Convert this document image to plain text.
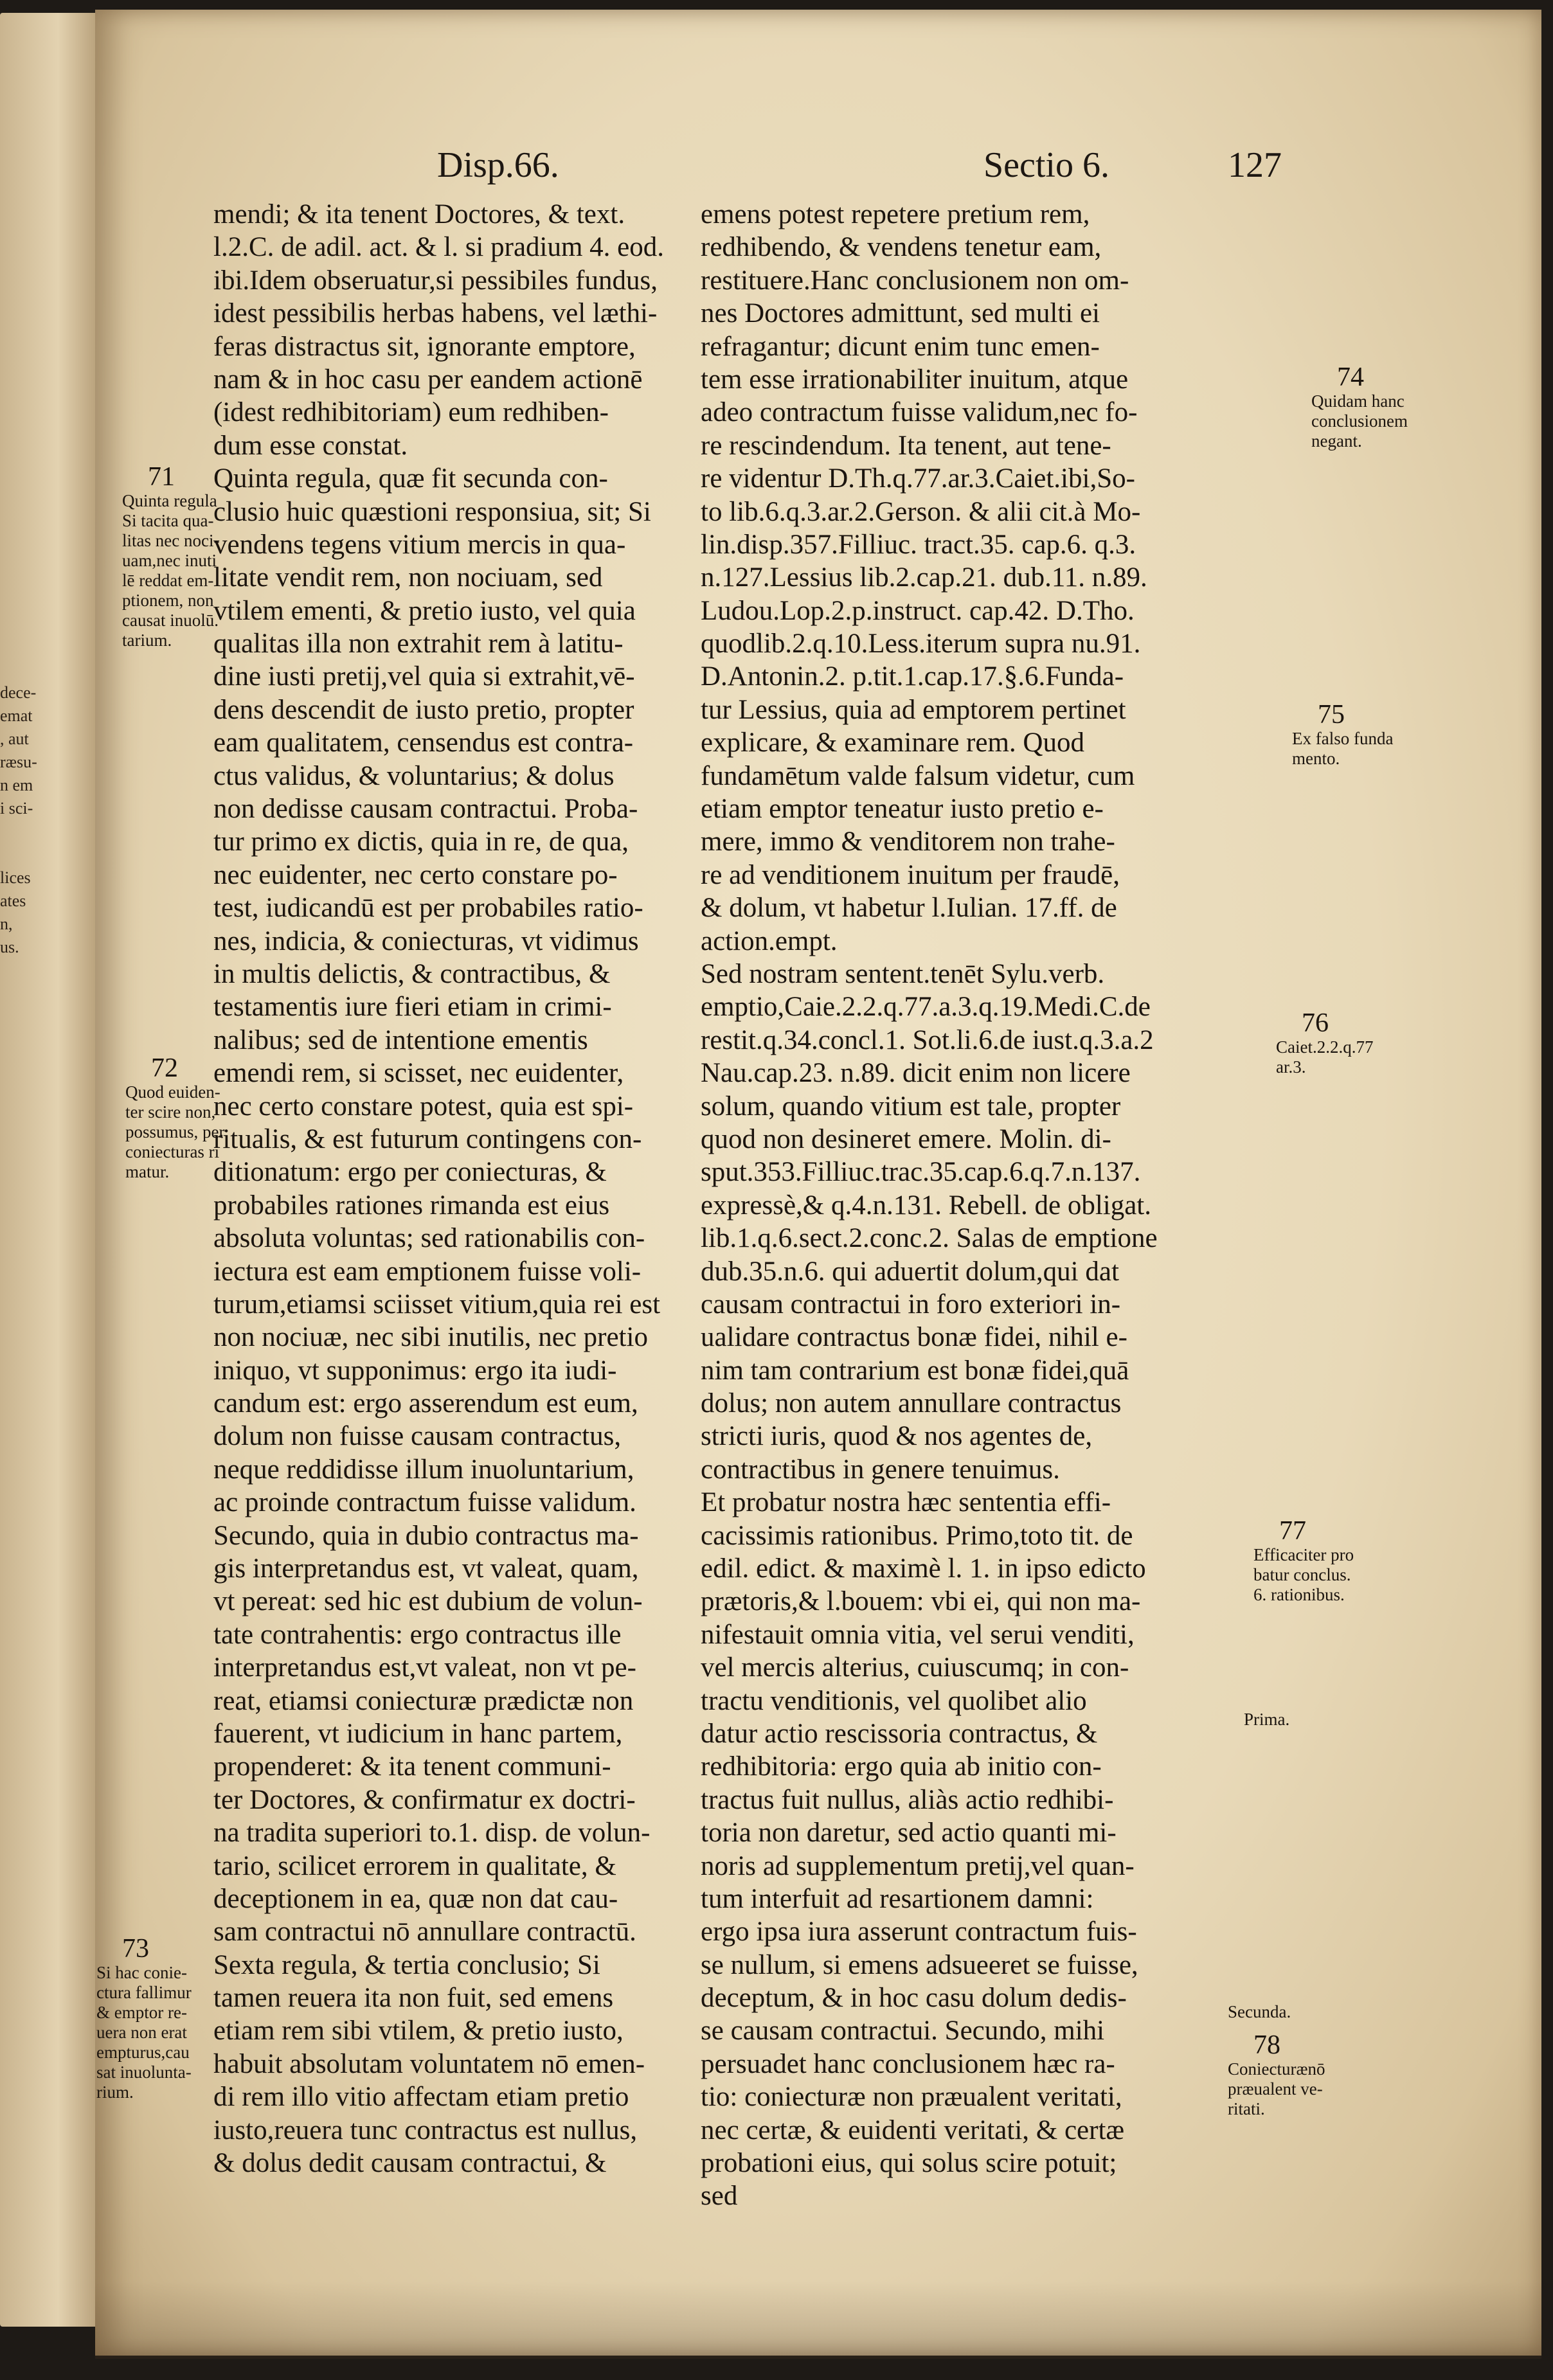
dece-
emat
, aut
ræsu-
n em
i sci-
lices
ates
n,
us.
Disp.66.	Sectio 6.	127
mendi; & ita tenent Doctores, & text.
l.2.C. de adil. act. & l. si pradium 4. eod.
ibi.Idem obseruatur,si pessibiles fundus,
idest pessibilis herbas habens, vel læthi-
feras distractus sit, ignorante emptore,
nam & in hoc casu per eandem actionē
(idest redhibitoriam) eum redhiben-
dum esse constat.
Quinta regula, quæ fit secunda con-
clusio huic quæstioni responsiua, sit; Si
vendens tegens vitium mercis in qua-
litate vendit rem, non nociuam, sed
vtilem ementi, & pretio iusto, vel quia
qualitas illa non extrahit rem à latitu-
dine iusti pretij,vel quia si extrahit,vē-
dens descendit de iusto pretio, propter
eam qualitatem, censendus est contra-
ctus validus, & voluntarius; & dolus
non dedisse causam contractui. Proba-
tur primo ex dictis, quia in re, de qua,
nec euidenter, nec certo constare po-
test, iudicandū est per probabiles ratio-
nes, indicia, & coniecturas, vt vidimus
in multis delictis, & contractibus, &
testamentis iure fieri etiam in crimi-
nalibus; sed de intentione ementis
emendi rem, si scisset, nec euidenter,
nec certo constare potest, quia est spi-
ritualis, & est futurum contingens con-
ditionatum: ergo per coniecturas, &
probabiles rationes rimanda est eius
absoluta voluntas; sed rationabilis con-
iectura est eam emptionem fuisse voli-
turum,etiamsi sciisset vitium,quia rei est
non nociuæ, nec sibi inutilis, nec pretio
iniquo, vt supponimus: ergo ita iudi-
candum est: ergo asserendum est eum,
dolum non fuisse causam contractus,
neque reddidisse illum inuoluntarium,
ac proinde contractum fuisse validum.
Secundo, quia in dubio contractus ma-
gis interpretandus est, vt valeat, quam,
vt pereat: sed hic est dubium de volun-
tate contrahentis: ergo contractus ille
interpretandus est,vt valeat, non vt pe-
reat, etiamsi coniecturæ prædictæ non
fauerent, vt iudicium in hanc partem,
propenderet: & ita tenent communi-
ter Doctores, & confirmatur ex doctri-
na tradita superiori to.1. disp. de volun-
tario, scilicet errorem in qualitate, &
deceptionem in ea, quæ non dat cau-
sam contractui nō annullare contractū.
Sexta regula, & tertia conclusio; Si
tamen reuera ita non fuit, sed emens
etiam rem sibi vtilem, & pretio iusto,
habuit absolutam voluntatem nō emen-
di rem illo vitio affectam etiam pretio
iusto,reuera tunc contractus est nullus,
& dolus dedit causam contractui, &
emens potest repetere pretium rem,
redhibendo, & vendens tenetur eam,
restituere.Hanc conclusionem non om-
nes Doctores admittunt, sed multi ei
refragantur; dicunt enim tunc emen-
tem esse irrationabiliter inuitum, atque
adeo contractum fuisse validum,nec fo-
re rescindendum. Ita tenent, aut tene-
re videntur D.Th.q.77.ar.3.Caiet.ibi,So-
to lib.6.q.3.ar.2.Gerson. & alii cit.à Mo-
lin.disp.357.Filliuc. tract.35. cap.6. q.3.
n.127.Lessius lib.2.cap.21. dub.11. n.89.
Ludou.Lop.2.p.instruct. cap.42. D.Tho.
quodlib.2.q.10.Less.iterum supra nu.91.
D.Antonin.2. p.tit.1.cap.17.§.6.Funda-
tur Lessius, quia ad emptorem pertinet
explicare, & examinare rem. Quod
fundamētum valde falsum videtur, cum
etiam emptor teneatur iusto pretio e-
mere, immo & venditorem non trahe-
re ad venditionem inuitum per fraudē,
& dolum, vt habetur l.Iulian. 17.ff. de
action.empt.
Sed nostram sentent.tenēt Sylu.verb.
emptio,Caie.2.2.q.77.a.3.q.19.Medi.C.de
restit.q.34.concl.1. Sot.li.6.de iust.q.3.a.2
Nau.cap.23. n.89. dicit enim non licere
solum, quando vitium est tale, propter
quod non desineret emere. Molin. di-
sput.353.Filliuc.trac.35.cap.6.q.7.n.137.
expressè,& q.4.n.131. Rebell. de obligat.
lib.1.q.6.sect.2.conc.2. Salas de emptione
dub.35.n.6. qui aduertit dolum,qui dat
causam contractui in foro exteriori in-
ualidare contractus bonæ fidei, nihil e-
nim tam contrarium est bonæ fidei,quā
dolus; non autem annullare contractus
stricti iuris, quod & nos agentes de,
contractibus in genere tenuimus.
Et probatur nostra hæc sententia effi-
cacissimis rationibus. Primo,toto tit. de
edil. edict. & maximè l. 1. in ipso edicto
prætoris,& l.bouem: vbi ei, qui non ma-
nifestauit omnia vitia, vel serui venditi,
vel mercis alterius, cuiuscumq; in con-
tractu venditionis, vel quolibet alio
datur actio rescissoria contractus, &
redhibitoria: ergo quia ab initio con-
tractus fuit nullus, aliàs actio redhibi-
toria non daretur, sed actio quanti mi-
noris ad supplementum pretij,vel quan-
tum interfuit ad resartionem damni:
ergo ipsa iura asserunt contractum fuis-
se nullum, si emens adsueeret se fuisse,
deceptum, & in hoc casu dolum dedis-
se causam contractui. Secundo, mihi
persuadet hanc conclusionem hæc ra-
tio: coniecturæ non præualent veritati,
nec certæ, & euidenti veritati, & certæ
probationi eius, qui solus scire potuit;
sed
71
Quinta regula
Si tacita qua-
litas nec noci-
uam,nec inuti
lē reddat em-
ptionem, non
causat inuolū.
tarium.
72
Quod euiden-
ter scire non,
possumus, per
coniecturas ri
matur.
73
Si hac conie-
ctura fallimur
& emptor re-
uera non erat
empturus,cau
sat inuolunta-
rium.
74
Quidam hanc
conclusionem
negant.
75
Ex falso funda
mento.
76
Caiet.2.2.q.77
ar.3.
77
Efficaciter pro
batur conclus.
6. rationibus.
Prima.
Secunda.
78
Coniecturænō
præualent ve-
ritati.
